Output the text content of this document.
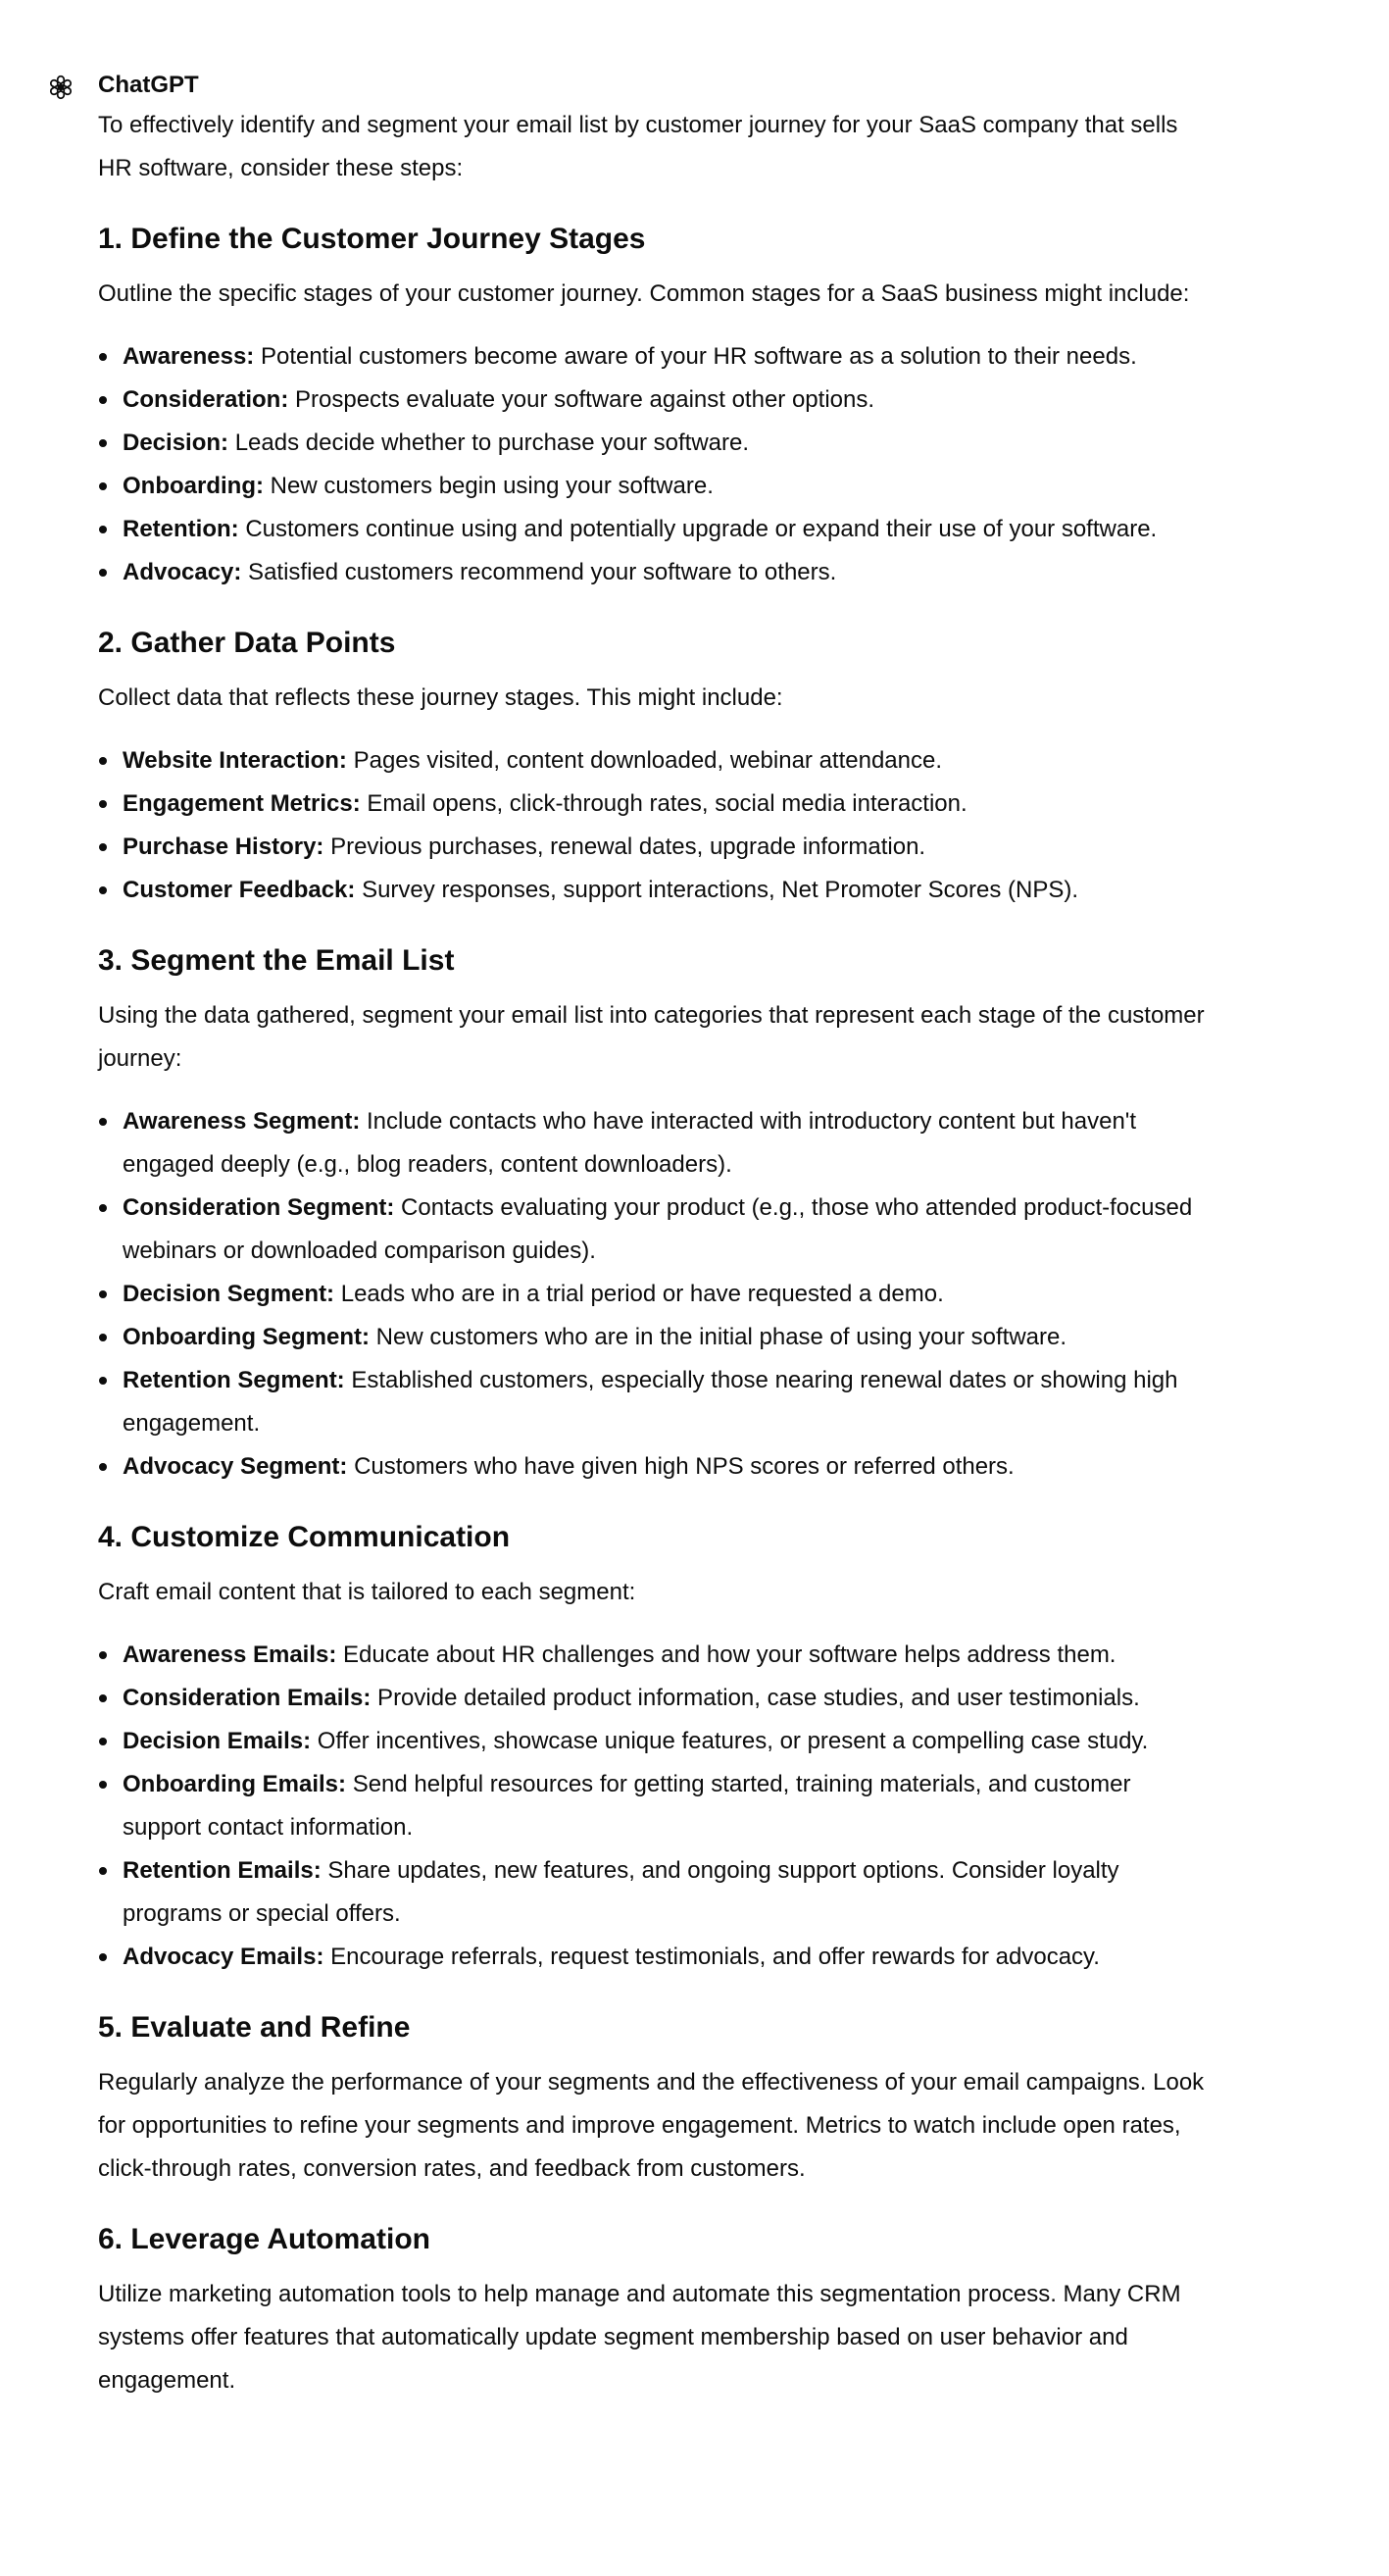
ChatGPT

To effectively identify and segment your email list by customer journey for your SaaS company that sells HR software, consider these steps:

1. Define the Customer Journey Stages

Outline the specific stages of your customer journey. Common stages for a SaaS business might include:

Awareness: Potential customers become aware of your HR software as a solution to their needs.
Consideration: Prospects evaluate your software against other options.
Decision: Leads decide whether to purchase your software.
Onboarding: New customers begin using your software.
Retention: Customers continue using and potentially upgrade or expand their use of your software.
Advocacy: Satisfied customers recommend your software to others.
2. Gather Data Points

Collect data that reflects these journey stages. This might include:

Website Interaction: Pages visited, content downloaded, webinar attendance.
Engagement Metrics: Email opens, click-through rates, social media interaction.
Purchase History: Previous purchases, renewal dates, upgrade information.
Customer Feedback: Survey responses, support interactions, Net Promoter Scores (NPS).
3. Segment the Email List

Using the data gathered, segment your email list into categories that represent each stage of the customer journey:

Awareness Segment: Include contacts who have interacted with introductory content but haven't engaged deeply (e.g., blog readers, content downloaders).
Consideration Segment: Contacts evaluating your product (e.g., those who attended product-focused webinars or downloaded comparison guides).
Decision Segment: Leads who are in a trial period or have requested a demo.
Onboarding Segment: New customers who are in the initial phase of using your software.
Retention Segment: Established customers, especially those nearing renewal dates or showing high engagement.
Advocacy Segment: Customers who have given high NPS scores or referred others.
4. Customize Communication

Craft email content that is tailored to each segment:

Awareness Emails: Educate about HR challenges and how your software helps address them.
Consideration Emails: Provide detailed product information, case studies, and user testimonials.
Decision Emails: Offer incentives, showcase unique features, or present a compelling case study.
Onboarding Emails: Send helpful resources for getting started, training materials, and customer support contact information.
Retention Emails: Share updates, new features, and ongoing support options. Consider loyalty programs or special offers.
Advocacy Emails: Encourage referrals, request testimonials, and offer rewards for advocacy.
5. Evaluate and Refine

Regularly analyze the performance of your segments and the effectiveness of your email campaigns. Look for opportunities to refine your segments and improve engagement. Metrics to watch include open rates, click-through rates, conversion rates, and feedback from customers.

6. Leverage Automation

Utilize marketing automation tools to help manage and automate this segmentation process. Many CRM systems offer features that automatically update segment membership based on user behavior and engagement.
